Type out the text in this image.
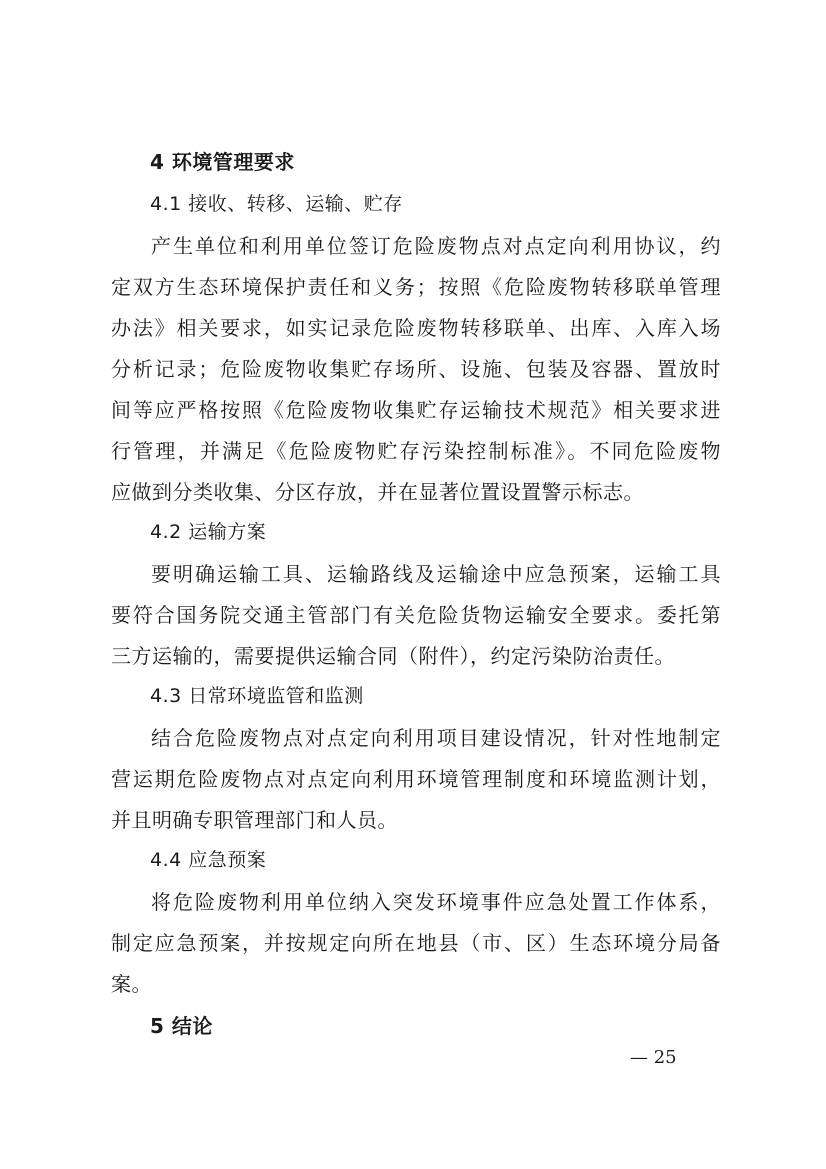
4 环境管理要求
4.1 接收、转移、运输、贮存
产生单位和利用单位签订危险废物点对点定向利用协议，约
定双方生态环境保护责任和义务；按照《危险废物转移联单管理
办法》相关要求，如实记录危险废物转移联单、出库、入库入场
分析记录；危险废物收集贮存场所、设施、包装及容器、置放时
间等应严格按照《危险废物收集贮存运输技术规范》相关要求进
行管理，并满足《危险废物贮存污染控制标准》。不同危险废物
应做到分类收集、分区存放，并在显著位置设置警示标志。
4.2 运输方案
要明确运输工具、运输路线及运输途中应急预案，运输工具
要符合国务院交通主管部门有关危险货物运输安全要求。委托第
三方运输的，需要提供运输合同（附件），约定污染防治责任。
4.3 日常环境监管和监测
结合危险废物点对点定向利用项目建设情况，针对性地制定
营运期危险废物点对点定向利用环境管理制度和环境监测计划，
并且明确专职管理部门和人员。
4.4 应急预案
将危险废物利用单位纳入突发环境事件应急处置工作体系，
制定应急预案，并按规定向所在地县（市、区）生态环境分局备
案。
5 结论
— 25
